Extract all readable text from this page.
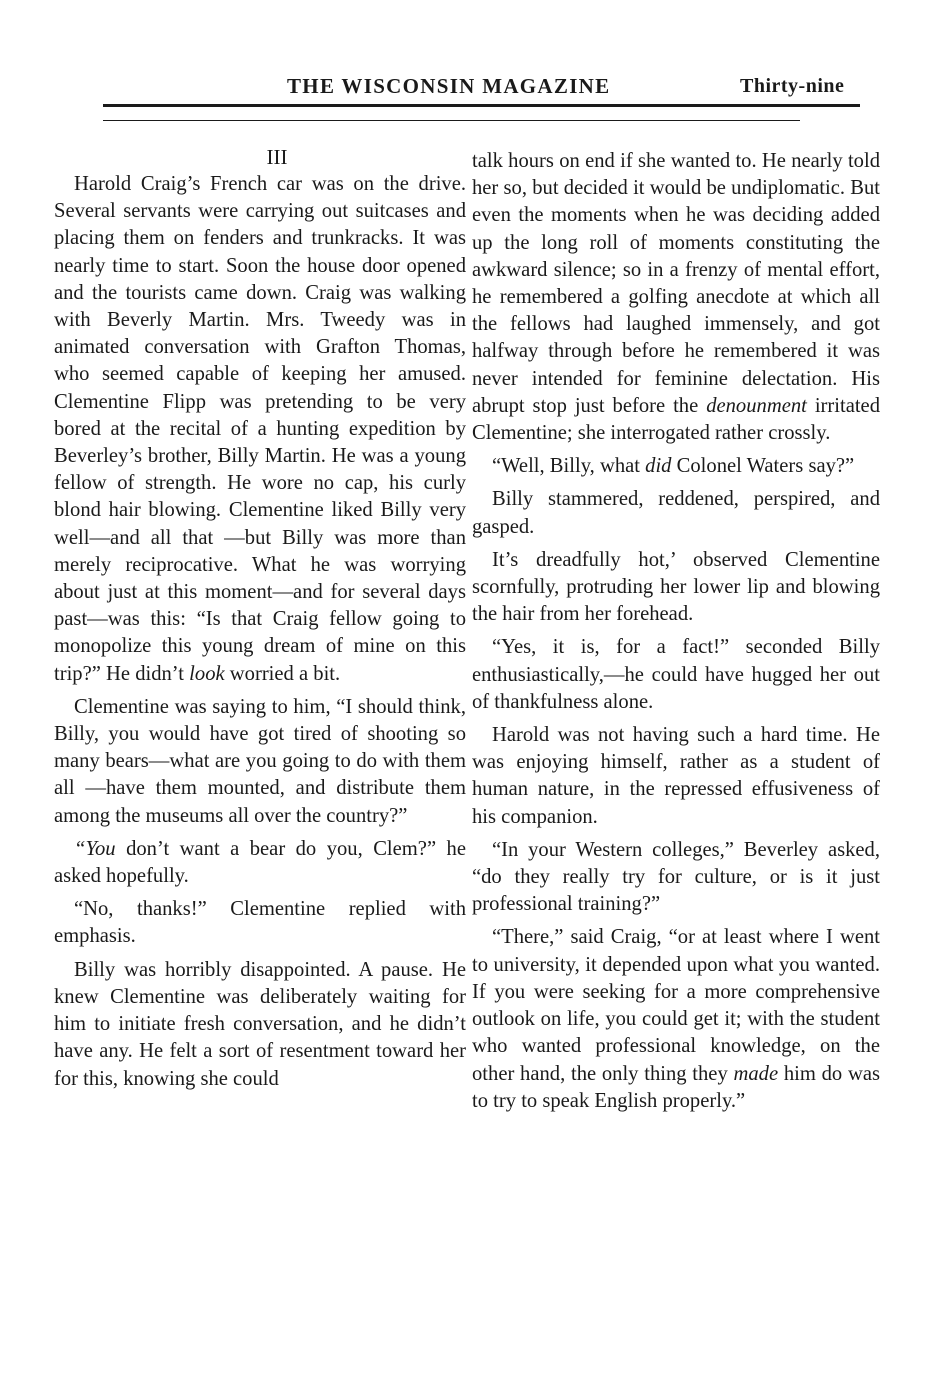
THE WISCONSIN MAGAZINE	Thirty-nine

III

Harold Craig’s French car was on the drive. Several servants were carrying out suitcases and placing them on fenders and trunkracks. It was nearly time to start. Soon the house door opened and the tourists came down. Craig was walking with Beverly Martin. Mrs. Tweedy was in animated conversation with Grafton Thomas, who seemed capable of keeping her amused. Clementine Flipp was pretending to be very bored at the recital of a hunting expedition by Beverley’s brother, Billy Martin. He was a young fellow of strength. He wore no cap, his curly blond hair blowing. Clementine liked Billy very well—and all that —but Billy was more than merely reciprocative. What he was worrying about just at this moment—and for several days past—was this: “Is that Craig fellow going to monopolize this young dream of mine on this trip?” He didn’t look worried a bit.

Clementine was saying to him, “I should think, Billy, you would have got tired of shooting so many bears—what are you going to do with them all —have them mounted, and distribute them among the museums all over the country?”

“You don’t want a bear do you, Clem?” he asked hopefully.

“No, thanks!” Clementine replied with emphasis.

Billy was horribly disappointed. A pause. He knew Clementine was deliberately waiting for him to initiate fresh conversation, and he didn’t have any. He felt a sort of resentment toward her for this, knowing she could

talk hours on end if she wanted to. He nearly told her so, but decided it would be undiplomatic. But even the moments when he was deciding added up the long roll of moments constituting the awkward silence; so in a frenzy of mental effort, he remembered a golfing anecdote at which all the fellows had laughed immensely, and got halfway through before he remembered it was never intended for feminine delectation. His abrupt stop just before the denounment irritated Clementine; she interrogated rather crossly.

“Well, Billy, what did Colonel Waters say?”

Billy stammered, reddened, perspired, and gasped.

It’s dreadfully hot,’ observed Clementine scornfully, protruding her lower lip and blowing the hair from her forehead.

“Yes, it is, for a fact!” seconded Billy enthusiastically,—he could have hugged her out of thankfulness alone.

Harold was not having such a hard time. He was enjoying himself, rather as a student of human nature, in the repressed effusiveness of his companion.

“In your Western colleges,” Beverley asked, “do they really try for culture, or is it just professional training?”

“There,” said Craig, “or at least where I went to university, it depended upon what you wanted. If you were seeking for a more comprehensive outlook on life, you could get it; with the student who wanted professional knowledge, on the other hand, the only thing they made him do was to try to speak English properly.”
